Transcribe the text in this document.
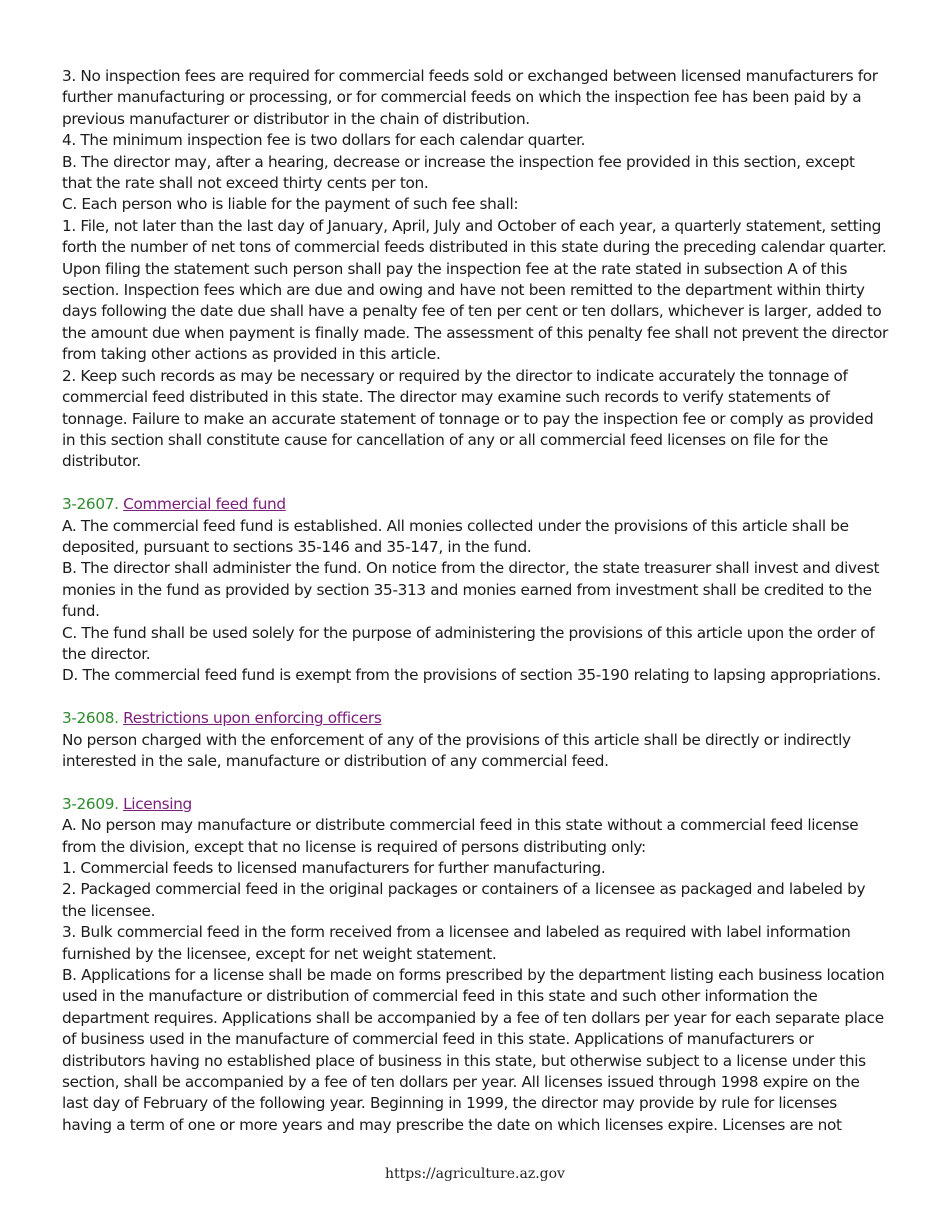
3. No inspection fees are required for commercial feeds sold or exchanged between licensed manufacturers for further manufacturing or processing, or for commercial feeds on which the inspection fee has been paid by a previous manufacturer or distributor in the chain of distribution.

4. The minimum inspection fee is two dollars for each calendar quarter.

B. The director may, after a hearing, decrease or increase the inspection fee provided in this section, except that the rate shall not exceed thirty cents per ton.

C. Each person who is liable for the payment of such fee shall:

1. File, not later than the last day of January, April, July and October of each year, a quarterly statement, setting forth the number of net tons of commercial feeds distributed in this state during the preceding calendar quarter. Upon filing the statement such person shall pay the inspection fee at the rate stated in subsection A of this section. Inspection fees which are due and owing and have not been remitted to the department within thirty days following the date due shall have a penalty fee of ten per cent or ten dollars, whichever is larger, added to the amount due when payment is finally made. The assessment of this penalty fee shall not prevent the director from taking other actions as provided in this article.

2. Keep such records as may be necessary or required by the director to indicate accurately the tonnage of commercial feed distributed in this state. The director may examine such records to verify statements of tonnage. Failure to make an accurate statement of tonnage or to pay the inspection fee or comply as provided in this section shall constitute cause for cancellation of any or all commercial feed licenses on file for the distributor.

3-2607. Commercial feed fund

A. The commercial feed fund is established. All monies collected under the provisions of this article shall be deposited, pursuant to sections 35-146 and 35-147, in the fund.

B. The director shall administer the fund. On notice from the director, the state treasurer shall invest and divest monies in the fund as provided by section 35-313 and monies earned from investment shall be credited to the fund.

C. The fund shall be used solely for the purpose of administering the provisions of this article upon the order of the director.

D. The commercial feed fund is exempt from the provisions of section 35-190 relating to lapsing appropriations.

3-2608. Restrictions upon enforcing officers

No person charged with the enforcement of any of the provisions of this article shall be directly or indirectly interested in the sale, manufacture or distribution of any commercial feed.

3-2609. Licensing

A. No person may manufacture or distribute commercial feed in this state without a commercial feed license from the division, except that no license is required of persons distributing only:

1. Commercial feeds to licensed manufacturers for further manufacturing.

2. Packaged commercial feed in the original packages or containers of a licensee as packaged and labeled by the licensee.

3. Bulk commercial feed in the form received from a licensee and labeled as required with label information furnished by the licensee, except for net weight statement.

B. Applications for a license shall be made on forms prescribed by the department listing each business location used in the manufacture or distribution of commercial feed in this state and such other information the department requires. Applications shall be accompanied by a fee of ten dollars per year for each separate place of business used in the manufacture of commercial feed in this state. Applications of manufacturers or distributors having no established place of business in this state, but otherwise subject to a license under this section, shall be accompanied by a fee of ten dollars per year. All licenses issued through 1998 expire on the last day of February of the following year. Beginning in 1999, the director may provide by rule for licenses having a term of one or more years and may prescribe the date on which licenses expire. Licenses are not

https://agriculture.az.gov
